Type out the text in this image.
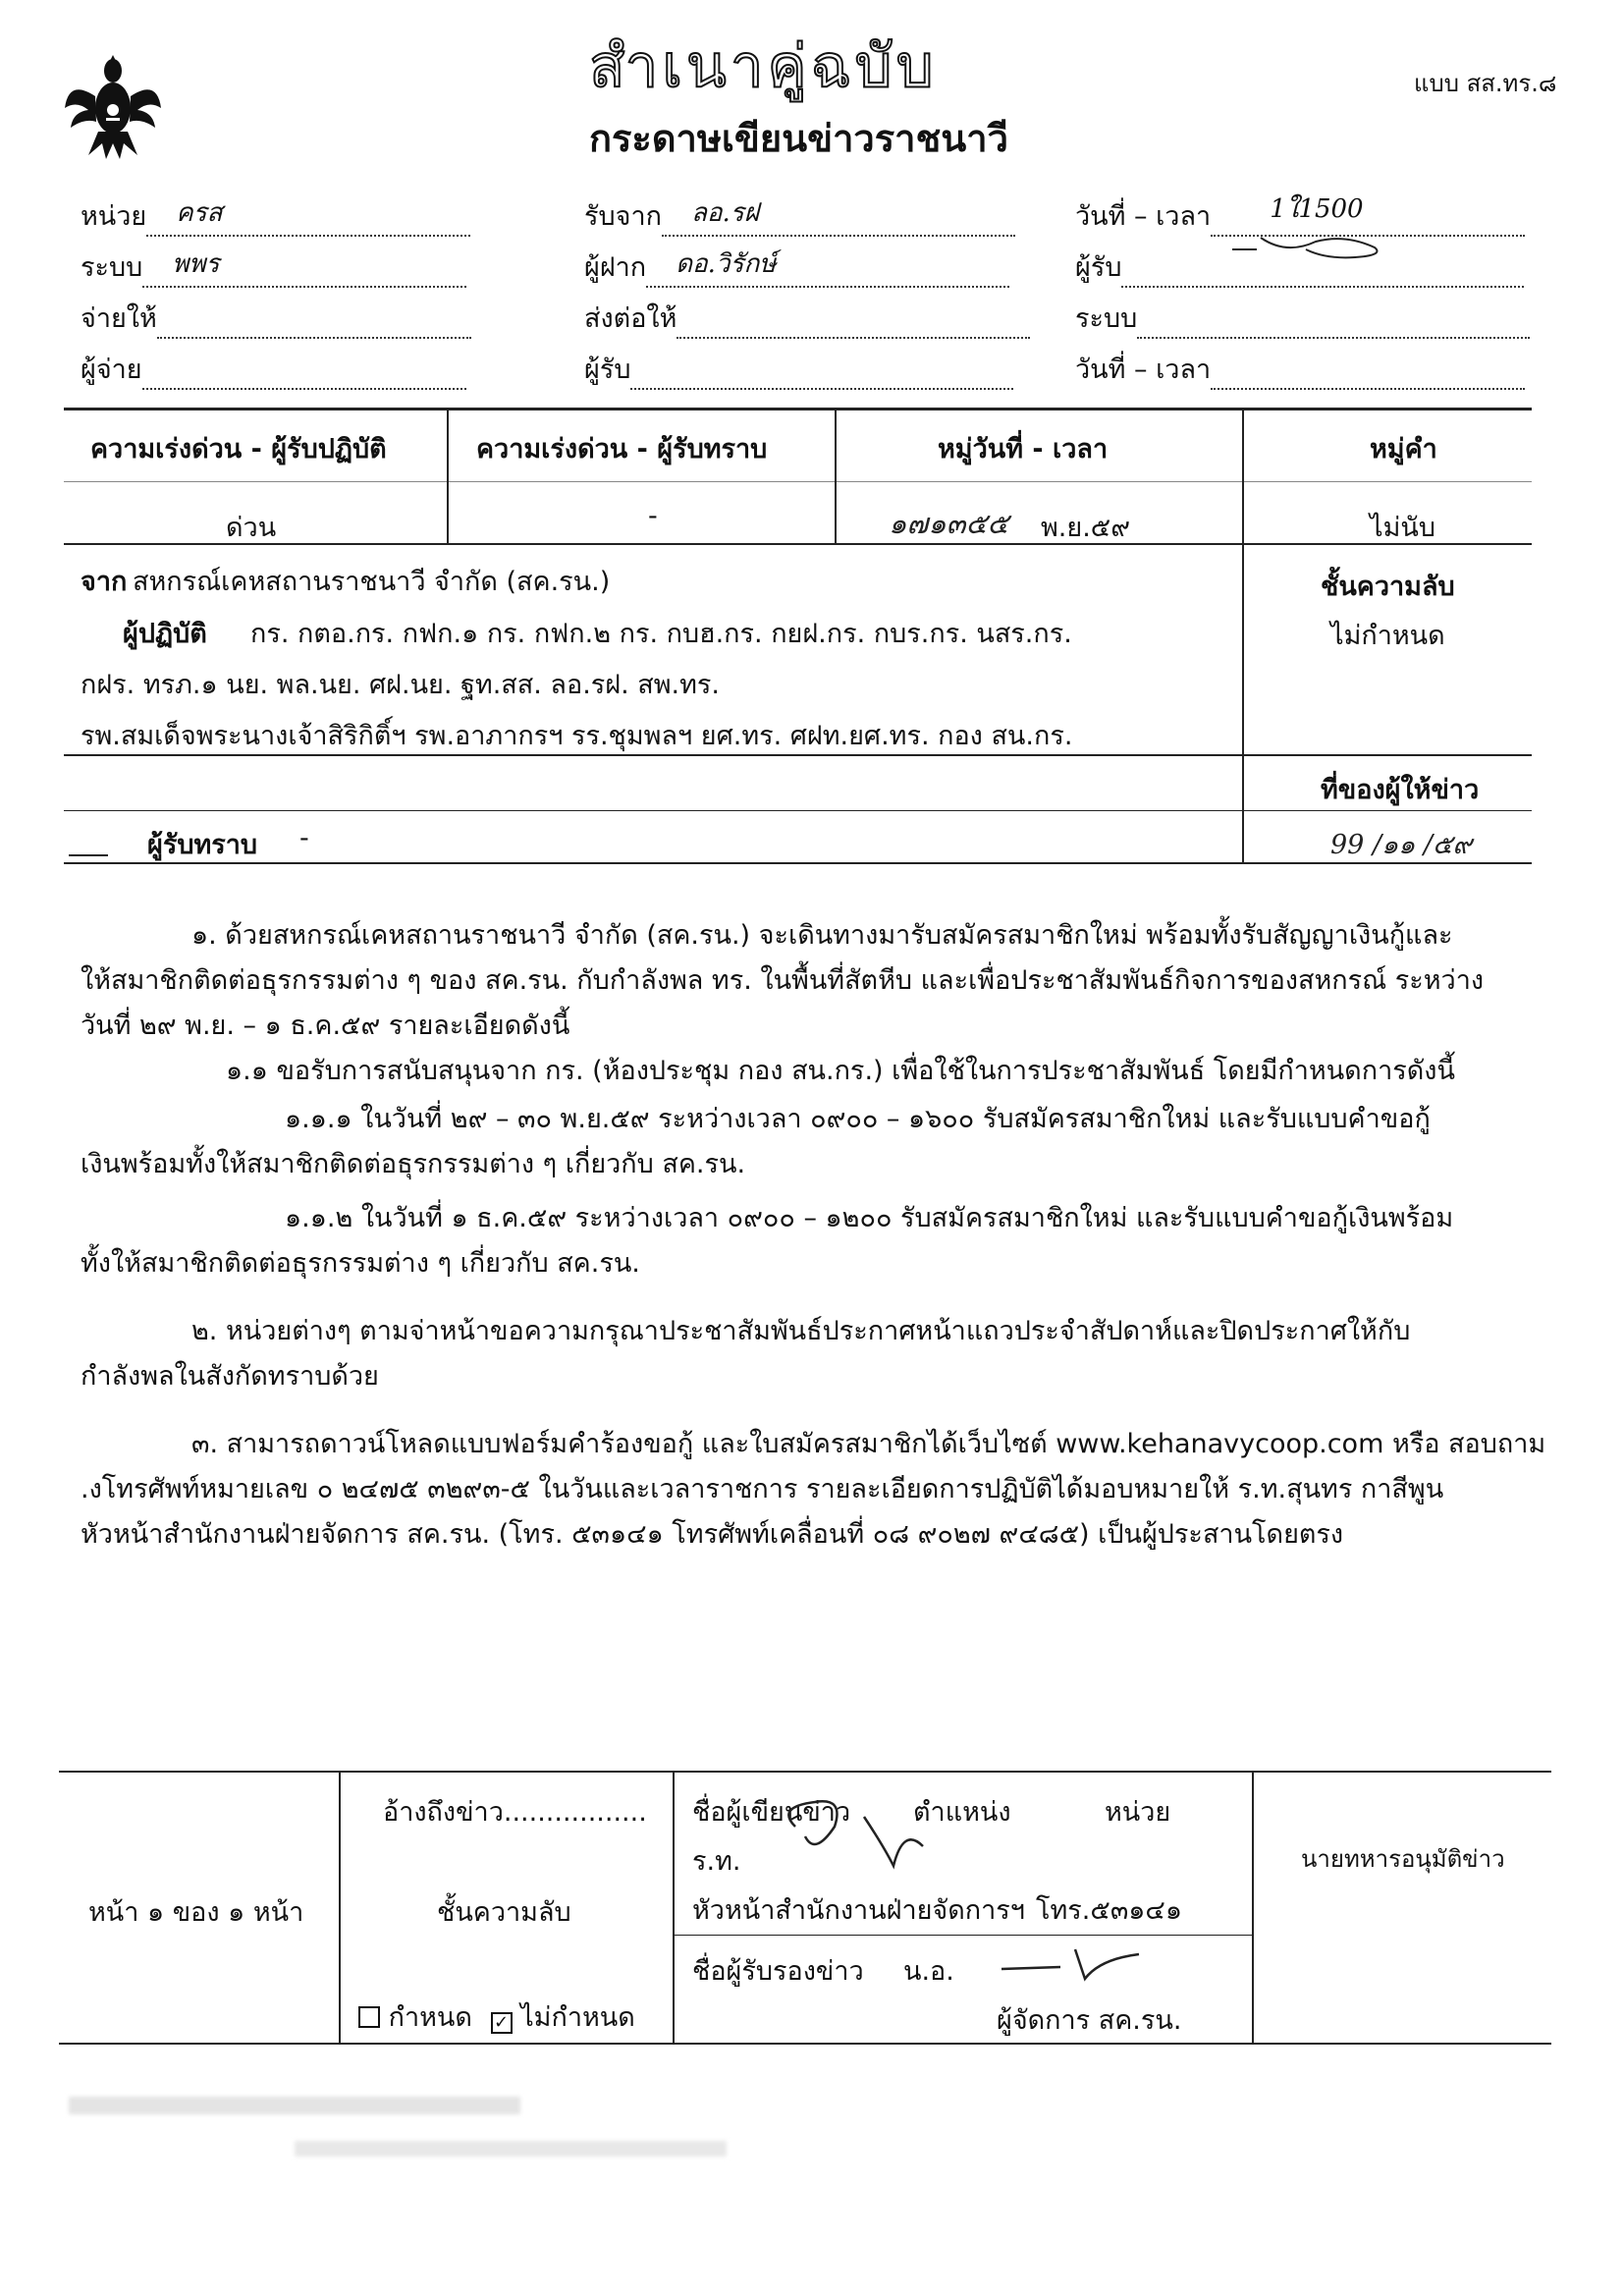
สำเนาคู่ฉบับ
กระดาษเขียนข่าวราชนาวี
แบบ สส.ทร.๘
หน่วย ครส
ระบบ พพร
จ่ายให้
ผู้จ่าย
รับจาก ลอ.รฝ
ผู้ฝาก ดอ.วิรักษ์
ส่งต่อให้
ผู้รับ
วันที่ – เวลา 1ใ1500
ผู้รับ
ระบบ
วันที่ – เวลา
ความเร่งด่วน - ผู้รับปฏิบัติ
ด่วน
ความเร่งด่วน - ผู้รับทราบ
-
หมู่วันที่ - เวลา
๑๗๑๓๕๕ พ.ย.๕๙
หมู่คำ
ไม่นับ
จาก สหกรณ์เคหสถานราชนาวี จำกัด (สค.รน.)	ชั้นความลับ
ไม่กำหนด
ผู้ปฏิบัติ กร. กตอ.กร. กฟก.๑ กร. กฟก.๒ กร. กบฮ.กร. กยฝ.กร. กบร.กร. นสร.กร.
กฝร. ทรภ.๑ นย. พล.นย. ศฝ.นย. ฐท.สส. ลอ.รฝ. สพ.ทร.
รพ.สมเด็จพระนางเจ้าสิริกิติ์ฯ รพ.อาภากรฯ รร.ชุมพลฯ ยศ.ทร. ศฝท.ยศ.ทร. กอง สน.กร.
ที่ของผู้ให้ข่าว
99 /๑๑ /๕๙
ผู้รับทราบ -
๑. ด้วยสหกรณ์เคหสถานราชนาวี จำกัด (สค.รน.) จะเดินทางมารับสมัครสมาชิกใหม่ พร้อมทั้งรับสัญญาเงินกู้และ
ให้สมาชิกติดต่อธุรกรรมต่าง ๆ ของ สค.รน. กับกำลังพล ทร. ในพื้นที่สัตหีบ และเพื่อประชาสัมพันธ์กิจการของสหกรณ์ ระหว่าง
วันที่ ๒๙ พ.ย. – ๑ ธ.ค.๕๙ รายละเอียดดังนี้
๑.๑ ขอรับการสนับสนุนจาก กร. (ห้องประชุม กอง สน.กร.) เพื่อใช้ในการประชาสัมพันธ์ โดยมีกำหนดการดังนี้
๑.๑.๑ ในวันที่ ๒๙ – ๓๐ พ.ย.๕๙ ระหว่างเวลา ๐๙๐๐ – ๑๖๐๐ รับสมัครสมาชิกใหม่ และรับแบบคำขอกู้
เงินพร้อมทั้งให้สมาชิกติดต่อธุรกรรมต่าง ๆ เกี่ยวกับ สค.รน.
๑.๑.๒ ในวันที่ ๑ ธ.ค.๕๙ ระหว่างเวลา ๐๙๐๐ – ๑๒๐๐ รับสมัครสมาชิกใหม่ และรับแบบคำขอกู้เงินพร้อม
ทั้งให้สมาชิกติดต่อธุรกรรมต่าง ๆ เกี่ยวกับ สค.รน.
๒. หน่วยต่างๆ ตามจ่าหน้าขอความกรุณาประชาสัมพันธ์ประกาศหน้าแถวประจำสัปดาห์และปิดประกาศให้กับ
กำลังพลในสังกัดทราบด้วย
๓. สามารถดาวน์โหลดแบบฟอร์มคำร้องขอกู้ และใบสมัครสมาชิกได้เว็บไซต์ www.kehanavycoop.com หรือ สอบถาม
.งโทรศัพท์หมายเลข ๐ ๒๔๗๕ ๓๒๙๓-๕ ในวันและเวลาราชการ รายละเอียดการปฏิบัติได้มอบหมายให้ ร.ท.สุนทร กาสีพูน
หัวหน้าสำนักงานฝ่ายจัดการ สค.รน. (โทร. ๕๓๑๔๑ โทรศัพท์เคลื่อนที่ ๐๘ ๙๐๒๗ ๙๔๘๕) เป็นผู้ประสานโดยตรง
หน้า ๑ ของ ๑ หน้า
อ้างถึงข่าว.................
ชั้นความลับ
กำหนด ✓ ไม่กำหนด
ชื่อผู้เขียนข่าว ตำแหน่ง	หน่วย
ร.ท.
หัวหน้าสำนักงานฝ่ายจัดการฯ โทร.๕๓๑๔๑
ชื่อผู้รับรองข่าว น.อ.
ผู้จัดการ สค.รน.
นายทหารอนุมัติข่าว
